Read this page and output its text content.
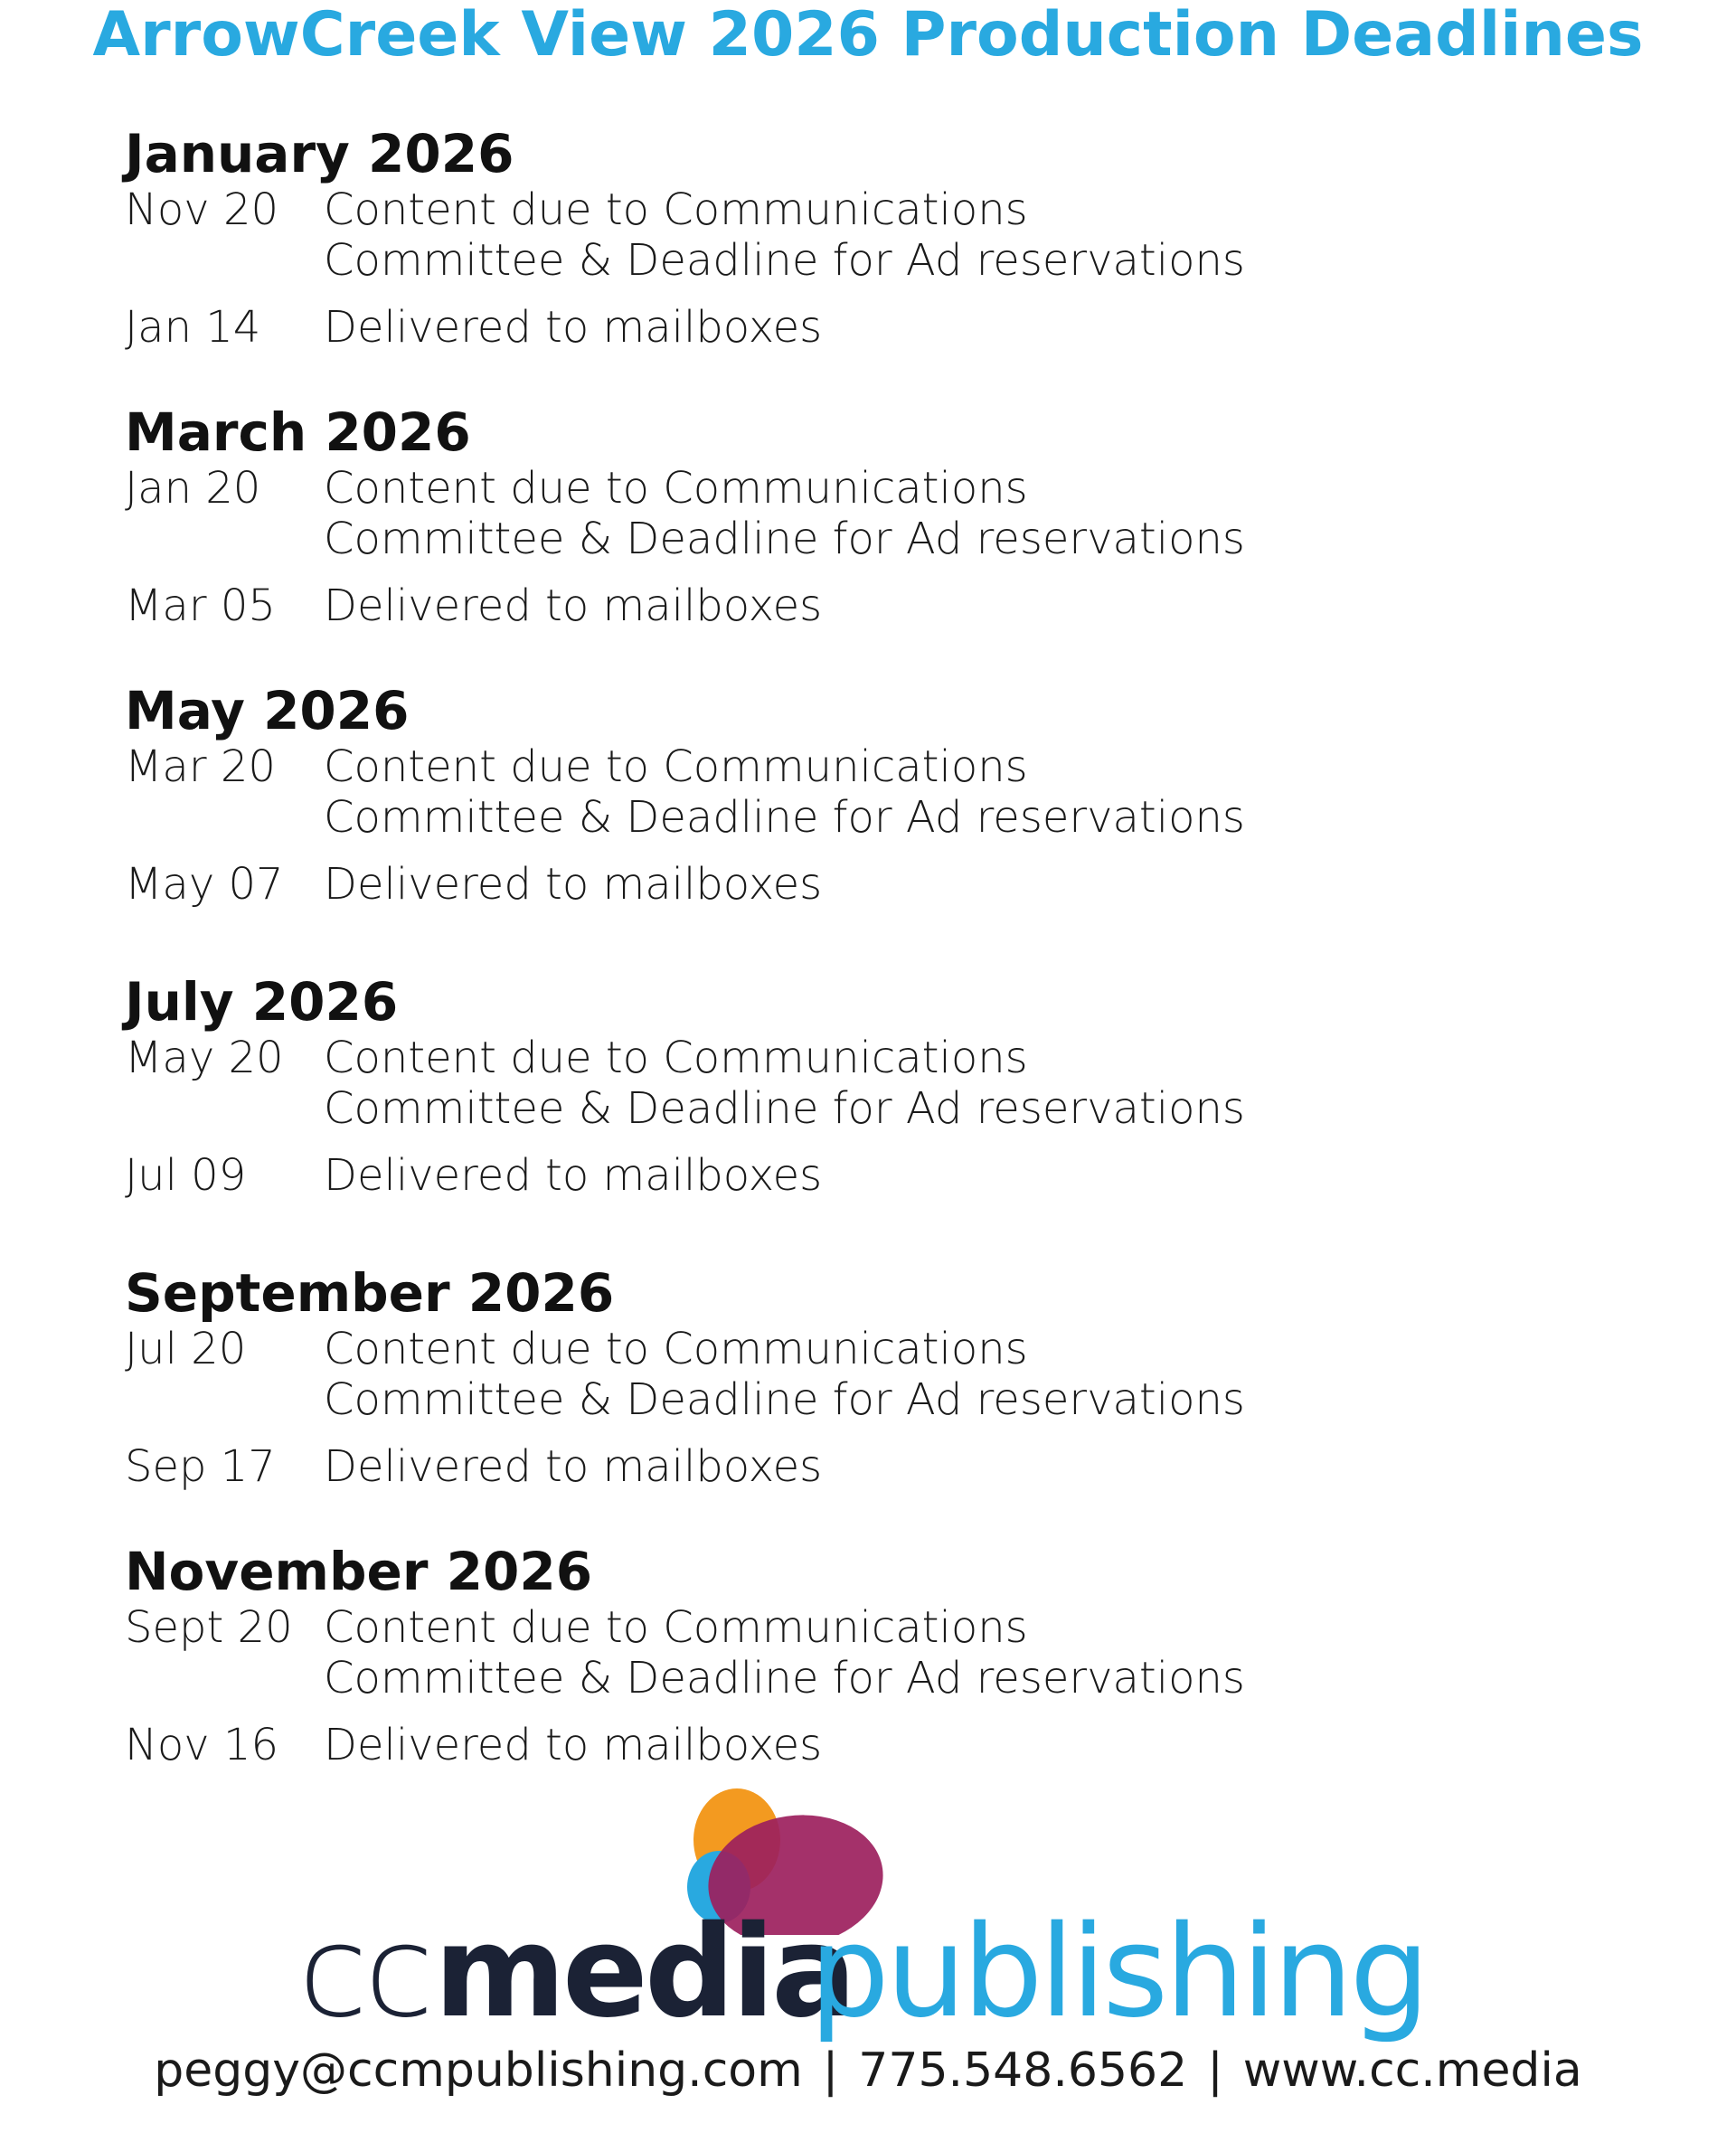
ArrowCreek View 2026 Production Deadlines
January 2026
Nov 20 Content due to Communications
Committee & Deadline for Ad reservations
Jan 14 Delivered to mailboxes
March 2026
Jan 20 Content due to Communications
Committee & Deadline for Ad reservations
Mar 05 Delivered to mailboxes
May 2026
Mar 20 Content due to Communications
Committee & Deadline for Ad reservations
May 07 Delivered to mailboxes
July 2026
May 20 Content due to Communications
Committee & Deadline for Ad reservations
Jul 09 Delivered to mailboxes
September 2026
Jul 20 Content due to Communications
Committee & Deadline for Ad reservations
Sep 17 Delivered to mailboxes
November 2026
Sept 20 Content due to Communications
Committee & Deadline for Ad reservations
Nov 16 Delivered to mailboxes
cc media
publishing
peggy@ccmpublishing.com | 775.548.6562 | www.cc.media
